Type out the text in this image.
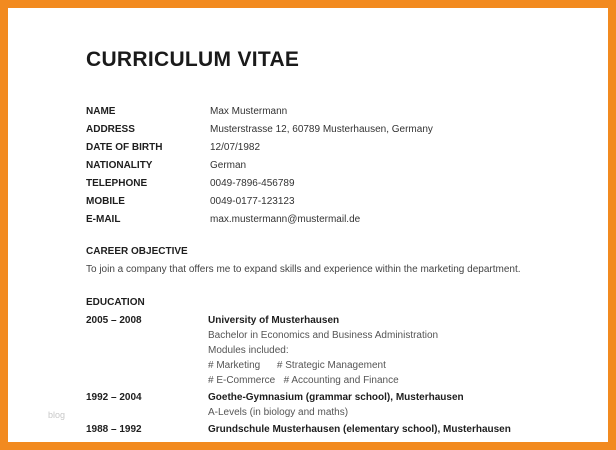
CURRICULUM VITAE
NAME	Max Mustermann
ADDRESS	Musterstrasse 12, 60789 Musterhausen, Germany
DATE OF BIRTH	12/07/1982
NATIONALITY	German
TELEPHONE	0049-7896-456789
MOBILE	0049-0177-123123
E-MAIL	max.mustermann@mustermail.de
CAREER OBJECTIVE
To join a company that offers me to expand skills and experience within the marketing department.
EDUCATION
2005 – 2008	University of Musterhausen
Bachelor in Economics and Business Administration
Modules included:
# Marketing      # Strategic Management
# E-Commerce   # Accounting and Finance
1992 – 2004	Goethe-Gymnasium (grammar school), Musterhausen
A-Levels (in biology and maths)
1988 – 1992	Grundschule Musterhausen (elementary school), Musterhausen
blog
